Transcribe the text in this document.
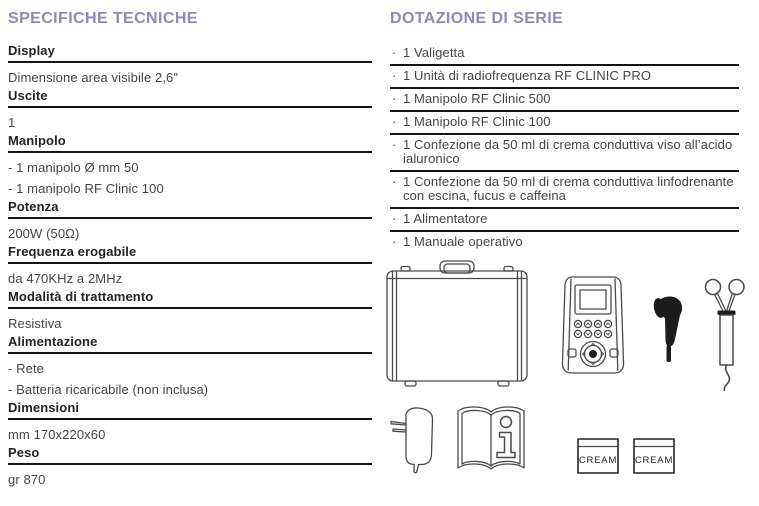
SPECIFICHE TECNICHE
Display
Dimensione area visibile 2,6"
Uscite
1
Manipolo
- 1 manipolo Ø mm 50
- 1 manipolo RF Clinic 100
Potenza
200W (50Ω)
Frequenza erogabile
da 470KHz a 2MHz
Modalità di trattamento
Resistiva
Alimentazione
- Rete
- Batteria ricaricabile (non inclusa)
Dimensioni
mm 170x220x60
Peso
gr 870
DOTAZIONE DI SERIE
· 1 Valigetta
· 1 Unità di radiofrequenza RF CLINIC PRO
· 1 Manipolo RF Clinic 500
· 1 Manipolo RF Clinic 100
· 1 Confezione da 50 ml di crema conduttiva viso all’acido ialuronico
· 1 Confezione da 50 ml di crema conduttiva linfodrenante con escina, fucus e caffeina
· 1 Alimentatore
· 1 Manuale operativo
CREAM CREAM
